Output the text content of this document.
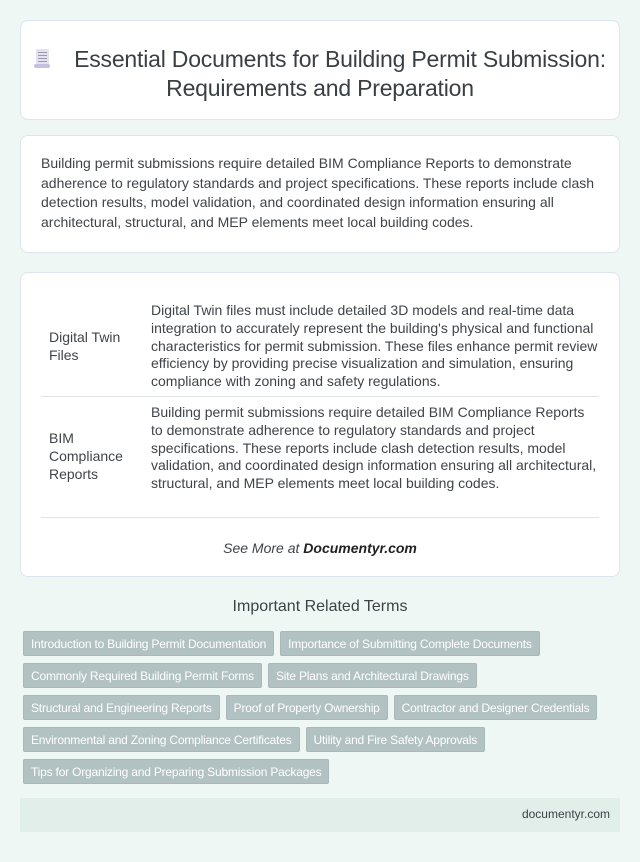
Essential Documents for Building Permit Submission: Requirements and Preparation

Building permit submissions require detailed BIM Compliance Reports to demonstrate adherence to regulatory standards and project specifications. These reports include clash detection results, model validation, and coordinated design information ensuring all architectural, structural, and MEP elements meet local building codes.

Digital Twin Files
Digital Twin files must include detailed 3D models and real-time data integration to accurately represent the building's physical and functional characteristics for permit submission. These files enhance permit review efficiency by providing precise visualization and simulation, ensuring compliance with zoning and safety regulations.
BIM Compliance Reports
Building permit submissions require detailed BIM Compliance Reports to demonstrate adherence to regulatory standards and project specifications. These reports include clash detection results, model validation, and coordinated design information ensuring all architectural, structural, and MEP elements meet local building codes.
See More at Documentyr.com
Important Related Terms
Introduction to Building Permit Documentation	Importance of Submitting Complete Documents
Commonly Required Building Permit Forms	Site Plans and Architectural Drawings
Structural and Engineering Reports	Proof of Property Ownership	Contractor and Designer Credentials
Environmental and Zoning Compliance Certificates	Utility and Fire Safety Approvals
Tips for Organizing and Preparing Submission Packages
documentyr.com
